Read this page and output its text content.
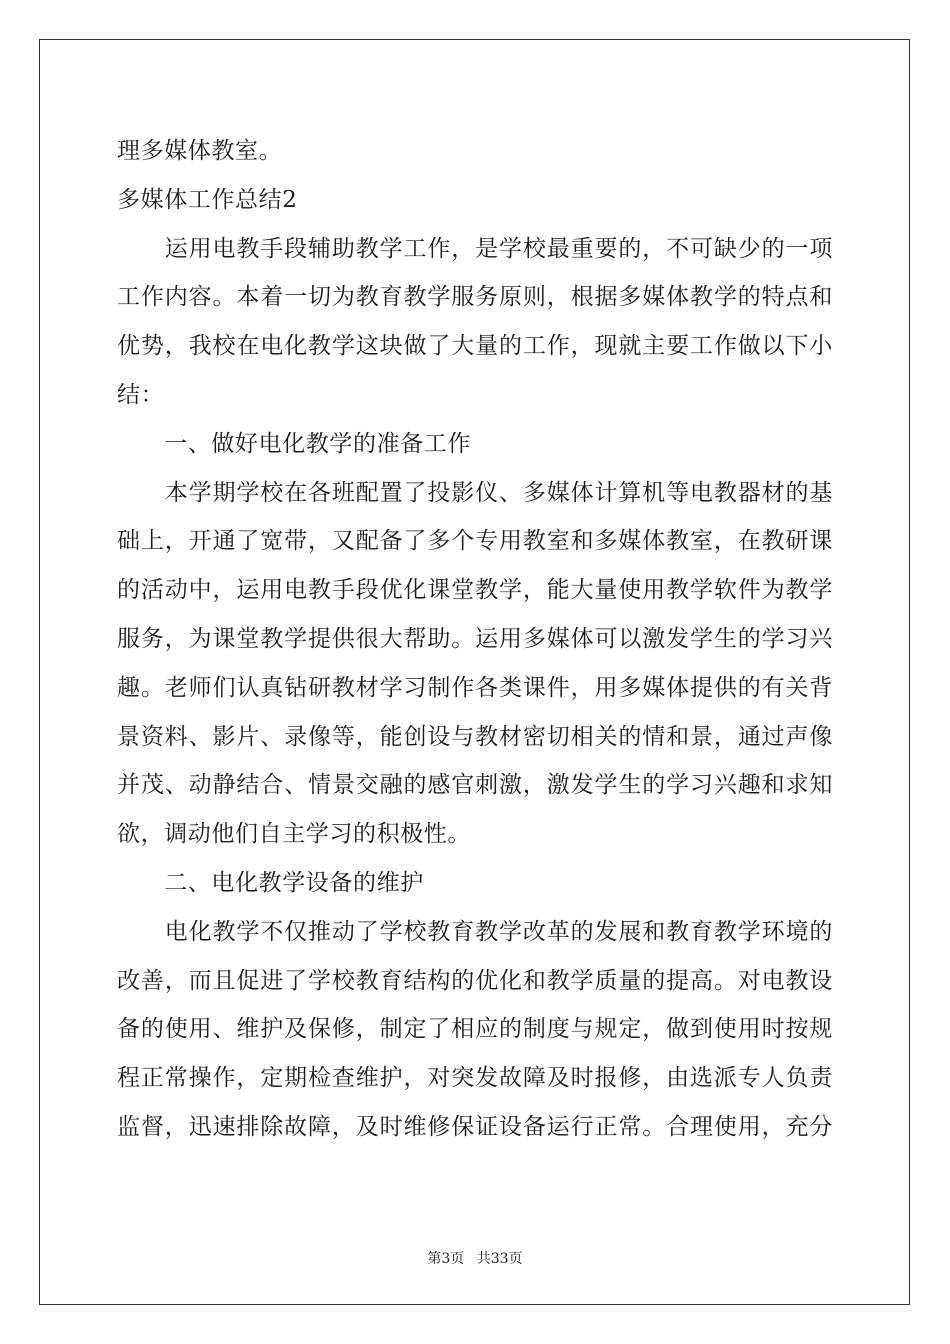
理多媒体教室。
多媒体工作总结2
　　运用电教手段辅助教学工作，是学校最重要的，不可缺少的一项
工作内容。本着一切为教育教学服务原则，根据多媒体教学的特点和
优势，我校在电化教学这块做了大量的工作，现就主要工作做以下小
结：
　　一、做好电化教学的准备工作
　　本学期学校在各班配置了投影仪、多媒体计算机等电教器材的基
础上，开通了宽带，又配备了多个专用教室和多媒体教室，在教研课
的活动中，运用电教手段优化课堂教学，能大量使用教学软件为教学
服务，为课堂教学提供很大帮助。运用多媒体可以激发学生的学习兴
趣。老师们认真钻研教材学习制作各类课件，用多媒体提供的有关背
景资料、影片、录像等，能创设与教材密切相关的情和景，通过声像
并茂、动静结合、情景交融的感官刺激，激发学生的学习兴趣和求知
欲，调动他们自主学习的积极性。
　　二、电化教学设备的维护
　　电化教学不仅推动了学校教育教学改革的发展和教育教学环境的
改善，而且促进了学校教育结构的优化和教学质量的提高。对电教设
备的使用、维护及保修，制定了相应的制度与规定，做到使用时按规
程正常操作，定期检查维护，对突发故障及时报修，由选派专人负责
监督，迅速排除故障，及时维修保证设备运行正常。合理使用，充分
第3页 共33页
